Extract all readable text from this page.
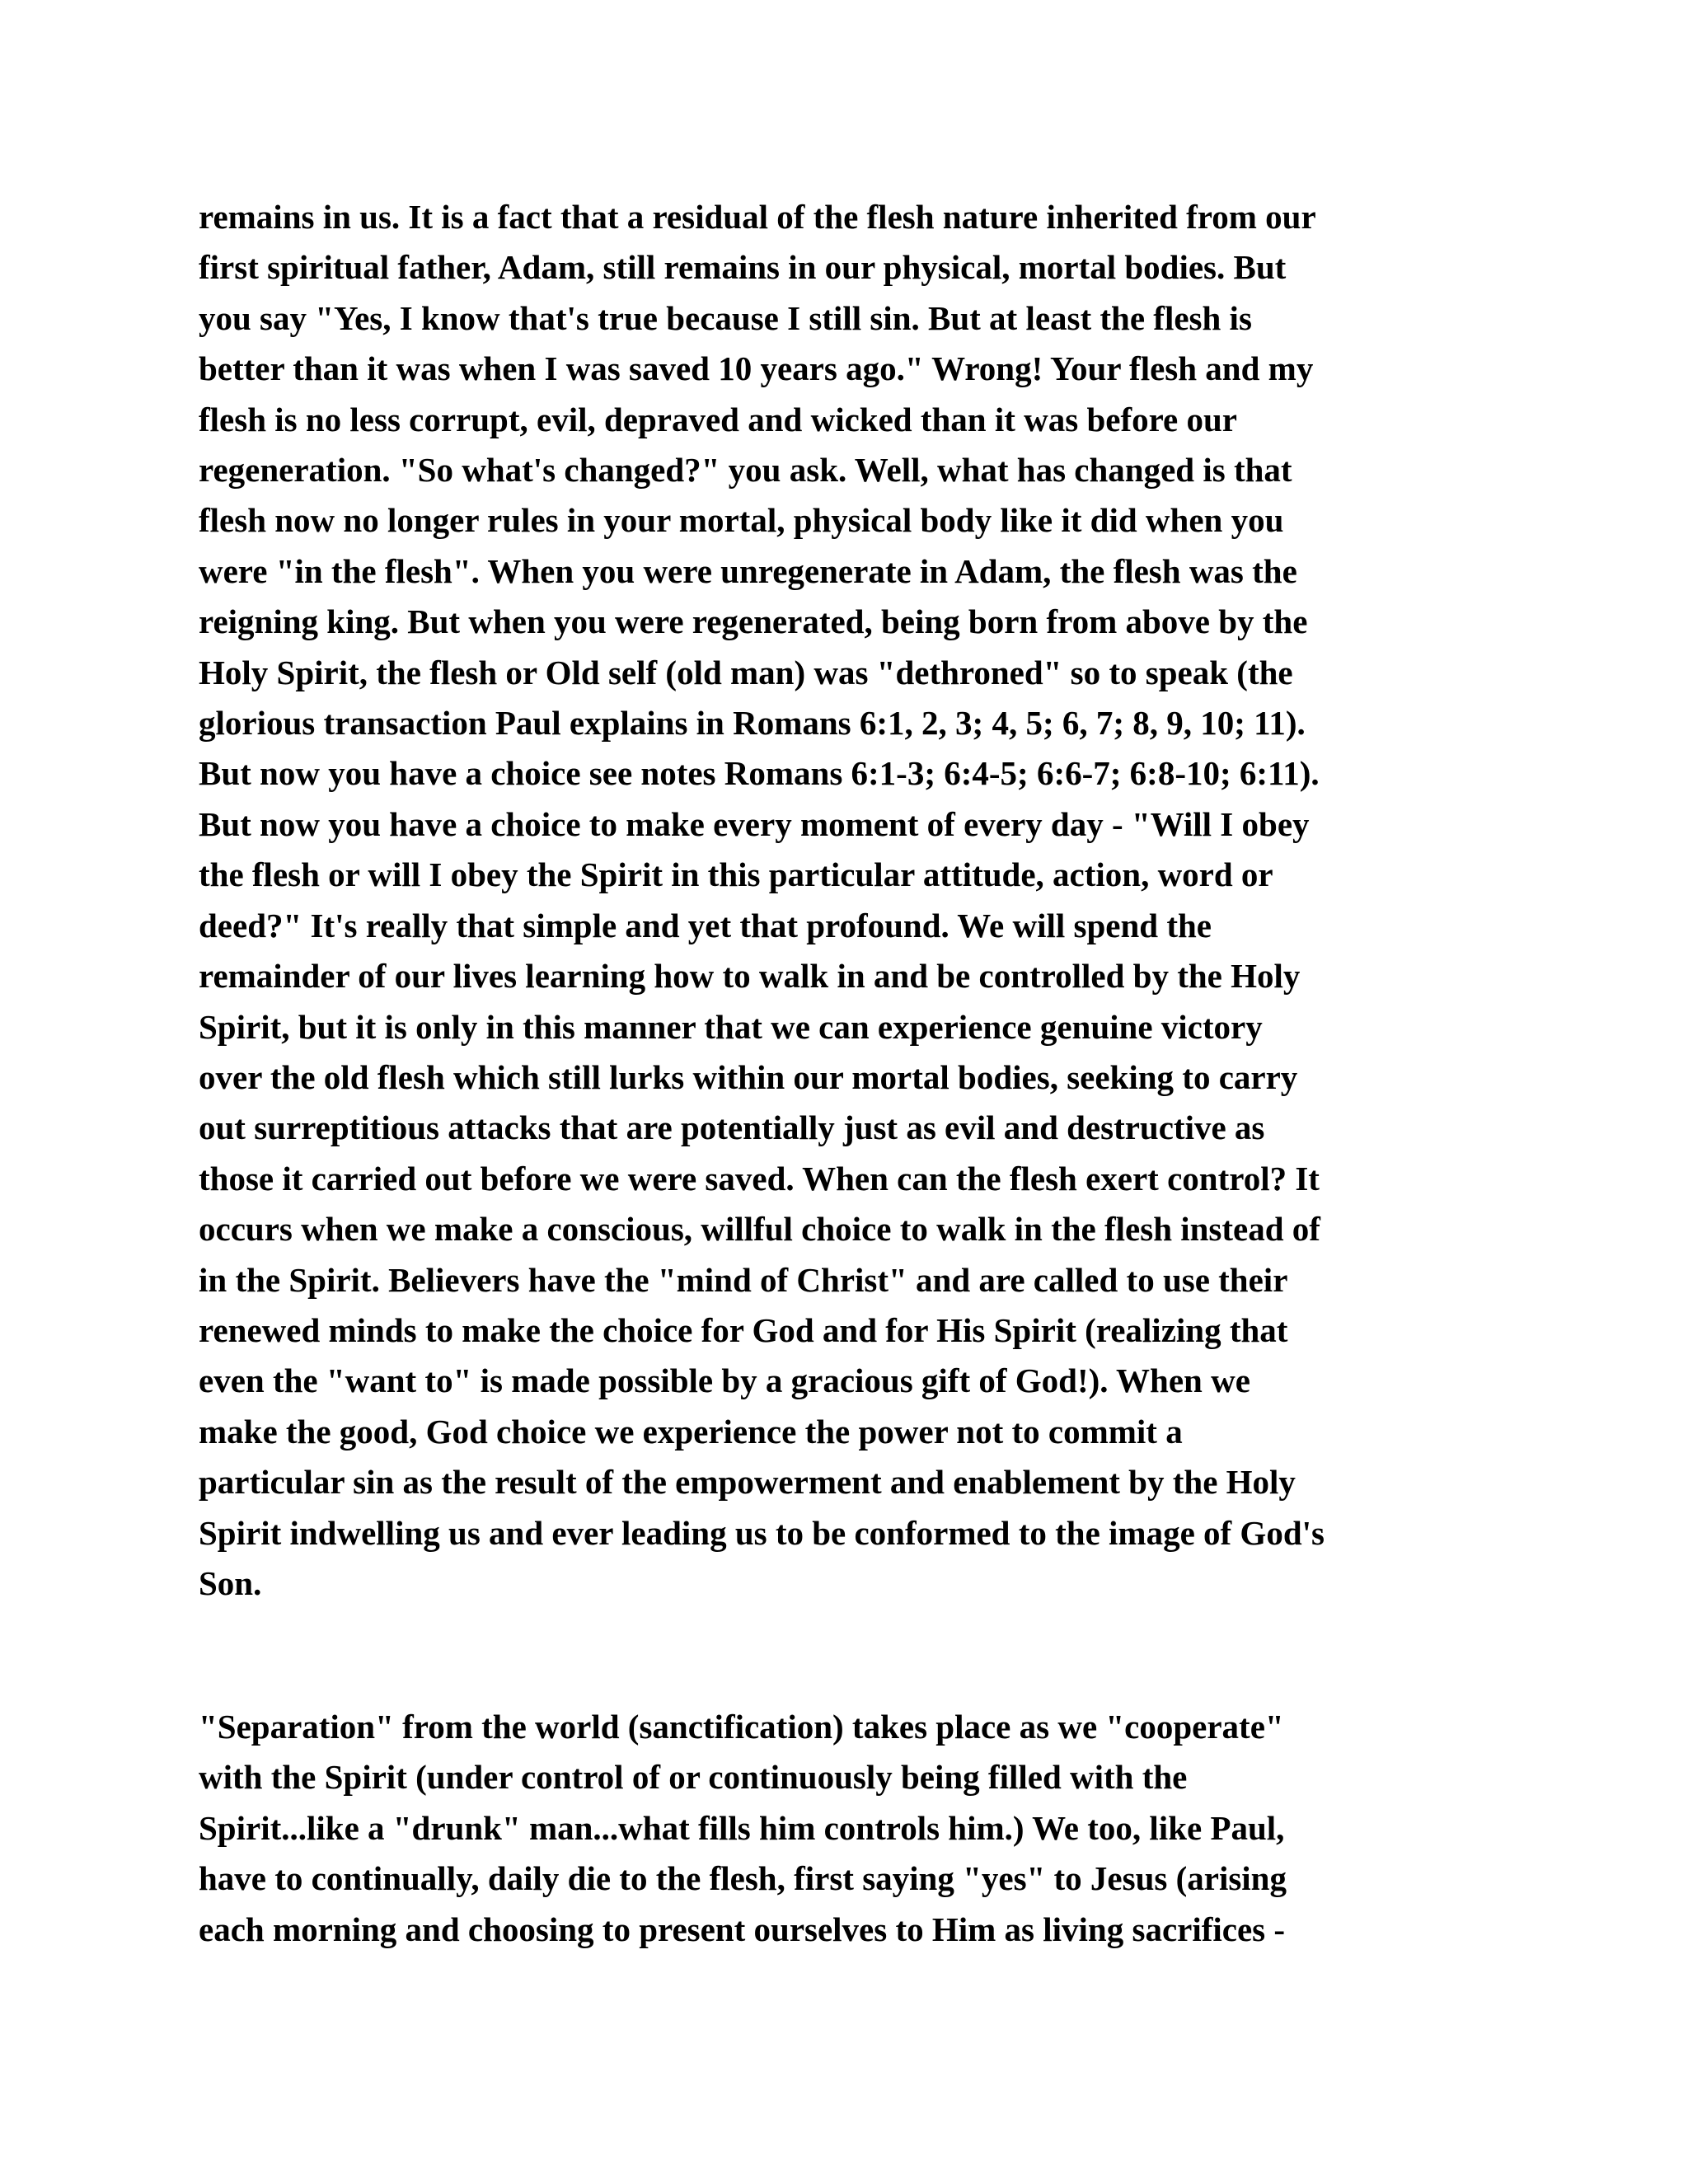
remains in us. It is a fact that a residual of the flesh nature inherited from our
first spiritual father, Adam, still remains in our physical, mortal bodies. But
you say "Yes, I know that's true because I still sin. But at least the flesh is
better than it was when I was saved 10 years ago." Wrong! Your flesh and my
flesh is no less corrupt, evil, depraved and wicked than it was before our
regeneration. "So what's changed?" you ask. Well, what has changed is that
flesh now no longer rules in your mortal, physical body like it did when you
were "in the flesh". When you were unregenerate in Adam, the flesh was the
reigning king. But when you were regenerated, being born from above by the
Holy Spirit, the flesh or Old self (old man) was "dethroned" so to speak (the
glorious transaction Paul explains in Romans 6:1, 2, 3; 4, 5; 6, 7; 8, 9, 10; 11).
But now you have a choice see notes Romans 6:1-3; 6:4-5; 6:6-7; 6:8-10; 6:11).
But now you have a choice to make every moment of every day - "Will I obey
the flesh or will I obey the Spirit in this particular attitude, action, word or
deed?" It's really that simple and yet that profound. We will spend the
remainder of our lives learning how to walk in and be controlled by the Holy
Spirit, but it is only in this manner that we can experience genuine victory
over the old flesh which still lurks within our mortal bodies, seeking to carry
out surreptitious attacks that are potentially just as evil and destructive as
those it carried out before we were saved. When can the flesh exert control? It
occurs when we make a conscious, willful choice to walk in the flesh instead of
in the Spirit. Believers have the "mind of Christ" and are called to use their
renewed minds to make the choice for God and for His Spirit (realizing that
even the "want to" is made possible by a gracious gift of God!). When we
make the good, God choice we experience the power not to commit a
particular sin as the result of the empowerment and enablement by the Holy
Spirit indwelling us and ever leading us to be conformed to the image of God's
Son.
"Separation" from the world (sanctification) takes place as we "cooperate"
with the Spirit (under control of or continuously being filled with the
Spirit...like a "drunk" man...what fills him controls him.) We too, like Paul,
have to continually, daily die to the flesh, first saying "yes" to Jesus (arising
each morning and choosing to present ourselves to Him as living sacrifices -
